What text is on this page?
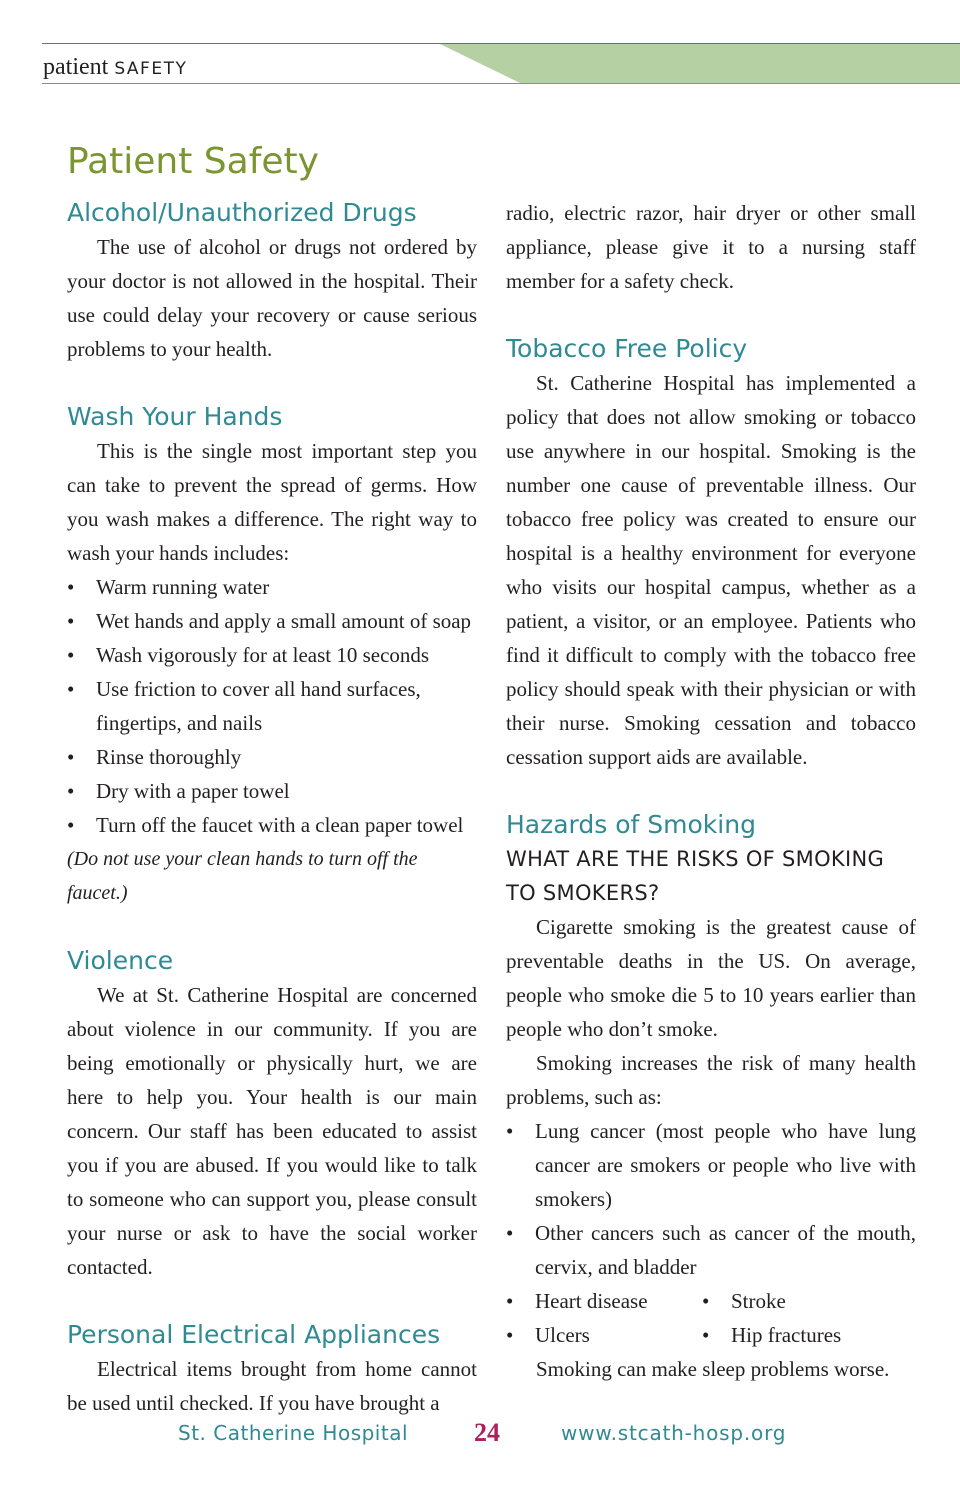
patient SAFETY
Patient Safety
Alcohol/Unauthorized Drugs

The use of alcohol or drugs not ordered by your doctor is not allowed in the hospital. Their use could delay your recovery or cause serious problems to your health.

Wash Your Hands

This is the single most important step you can take to prevent the spread of germs. How you wash makes a difference. The right way to wash your hands includes:

• Warm running water
• Wet hands and apply a small amount of soap
• Wash vigorously for at least 10 seconds
• Use friction to cover all hand surfaces, fingertips, and nails
• Rinse thoroughly
• Dry with a paper towel
• Turn off the faucet with a clean paper towel

(Do not use your clean hands to turn off the faucet.)

Violence

We at St. Catherine Hospital are concerned about violence in our community. If you are being emotionally or physically hurt, we are here to help you. Your health is our main concern. Our staff has been educated to assist you if you are abused. If you would like to talk to someone who can support you, please consult your nurse or ask to have the social worker contacted.

Personal Electrical Appliances

Electrical items brought from home cannot be used until checked. If you have brought a

radio, electric razor, hair dryer or other small appliance, please give it to a nursing staff member for a safety check.

Tobacco Free Policy

St. Catherine Hospital has implemented a policy that does not allow smoking or tobacco use anywhere in our hospital. Smoking is the number one cause of preventable illness. Our tobacco free policy was created to ensure our hospital is a healthy environment for everyone who visits our hospital campus, whether as a patient, a visitor, or an employee. Patients who find it difficult to comply with the tobacco free policy should speak with their physician or with their nurse. Smoking cessation and tobacco cessation support aids are available.

Hazards of Smoking
WHAT ARE THE RISKS OF SMOKING TO SMOKERS?

Cigarette smoking is the greatest cause of preventable deaths in the US. On average, people who smoke die 5 to 10 years earlier than people who don’t smoke.

Smoking increases the risk of many health problems, such as:

• Lung cancer (most people who have lung cancer are smokers or people who live with smokers)
• Other cancers such as cancer of the mouth, cervix, and bladder
• Heart disease
• Ulcers
• Stroke
• Hip fractures

Smoking can make sleep problems worse.

St. Catherine Hospital	24	www.stcath-hosp.org
